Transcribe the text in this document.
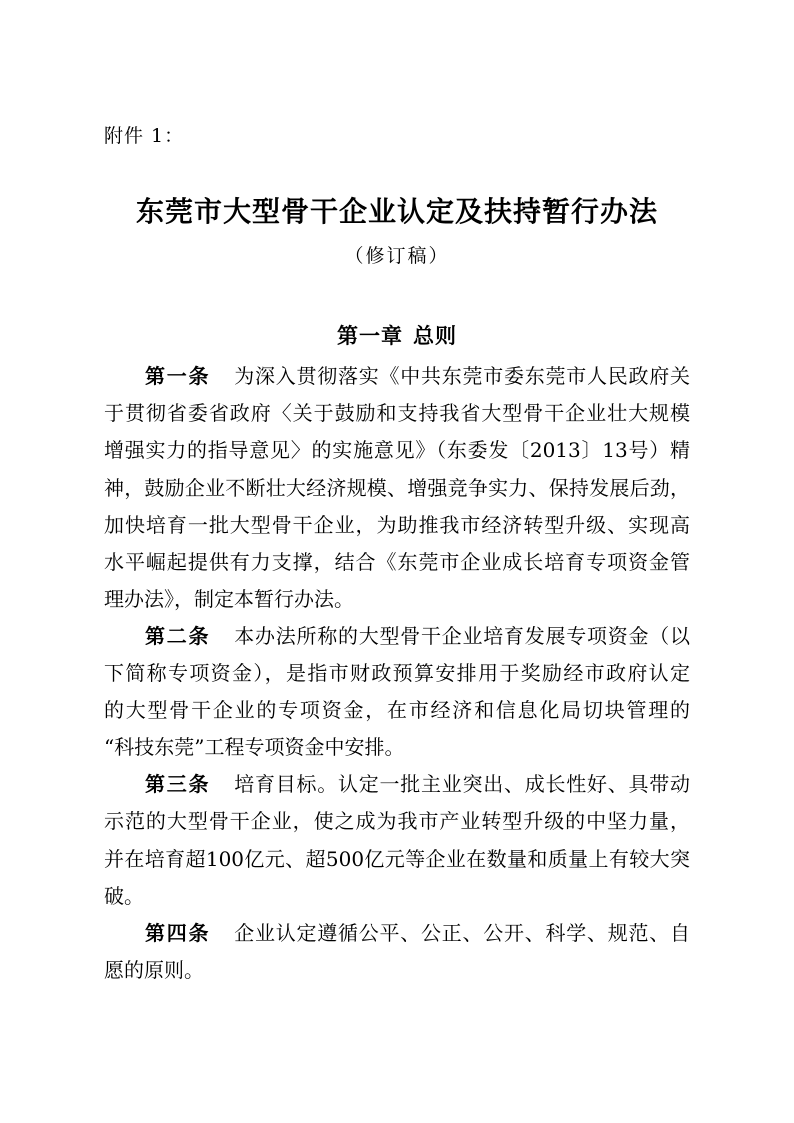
附件 1：
东莞市大型骨干企业认定及扶持暂行办法
（修订稿）
第一章 总则
第一条 为深入贯彻落实《中共东莞市委东莞市人民政府关
于贯彻省委省政府〈关于鼓励和支持我省大型骨干企业壮大规模
增强实力的指导意见〉的实施意见》（东委发〔2013〕13号）精
神，鼓励企业不断壮大经济规模、增强竞争实力、保持发展后劲，
加快培育一批大型骨干企业，为助推我市经济转型升级、实现高
水平崛起提供有力支撑，结合《东莞市企业成长培育专项资金管
理办法》，制定本暂行办法。
第二条 本办法所称的大型骨干企业培育发展专项资金（以
下简称专项资金），是指市财政预算安排用于奖励经市政府认定
的大型骨干企业的专项资金，在市经济和信息化局切块管理的
“科技东莞”工程专项资金中安排。
第三条 培育目标。认定一批主业突出、成长性好、具带动
示范的大型骨干企业，使之成为我市产业转型升级的中坚力量，
并在培育超100亿元、超500亿元等企业在数量和质量上有较大突
破。
第四条 企业认定遵循公平、公正、公开、科学、规范、自
愿的原则。
